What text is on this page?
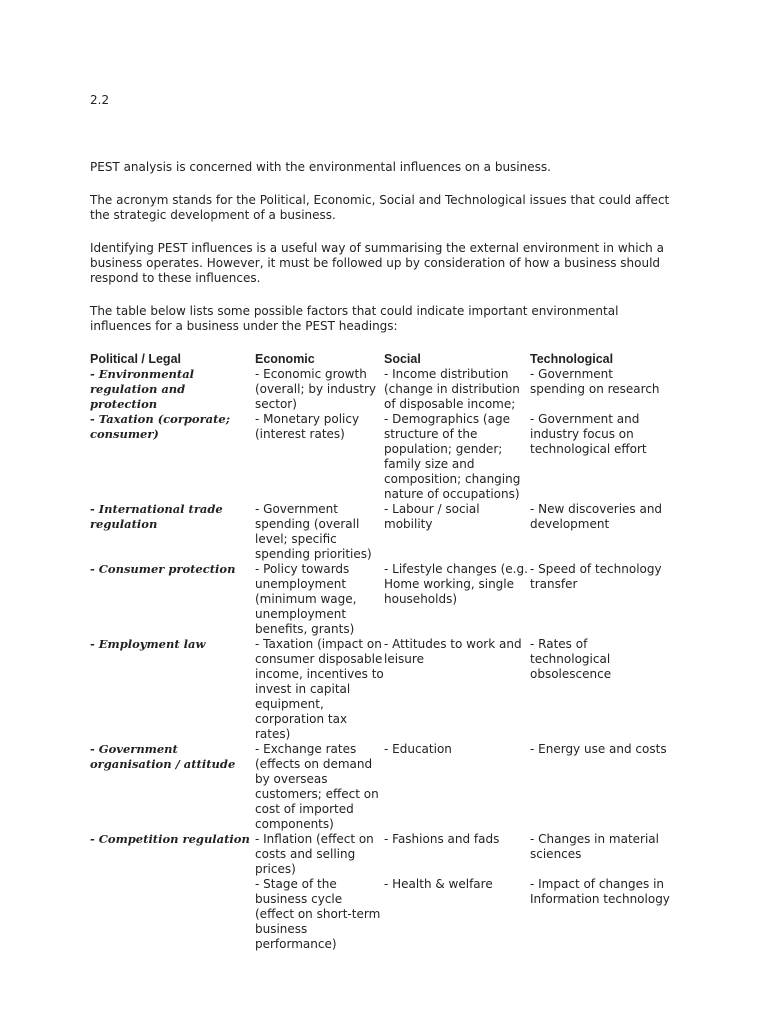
2.2

PEST analysis is concerned with the environmental influences on a business.

The acronym stands for the Political, Economic, Social and Technological issues that could affect the strategic development of a business.

Identifying PEST influences is a useful way of summarising the external environment in which a business operates. However, it must be followed up by consideration of how a business should respond to these influences.

The table below lists some possible factors that could indicate important environmental influences for a business under the PEST headings:

Political / Legal	Economic	Social	Technological
- Environmental regulation and protection	- Economic growth (overall; by industry sector)	- Income distribution (change in distribution of disposable income;	- Government spending on research
- Taxation (corporate; consumer)	- Monetary policy (interest rates)	- Demographics (age structure of the population; gender; family size and composition; changing nature of occupations)	- Government and industry focus on technological effort
- International trade regulation	- Government spending (overall level; specific spending priorities)	- Labour / social mobility	- New discoveries and development
- Consumer protection	- Policy towards unemployment (minimum wage, unemployment benefits, grants)	- Lifestyle changes (e.g. Home working, single households)	- Speed of technology transfer
- Employment law	- Taxation (impact on consumer disposable income, incentives to invest in capital equipment, corporation tax rates)	- Attitudes to work and leisure	- Rates of technological obsolescence
- Government organisation / attitude	- Exchange rates (effects on demand by overseas customers; effect on cost of imported components)	- Education	- Energy use and costs
- Competition regulation	- Inflation (effect on costs and selling prices)	- Fashions and fads	- Changes in material sciences
	- Stage of the business cycle (effect on short-term business performance)	- Health & welfare	- Impact of changes in Information technology
